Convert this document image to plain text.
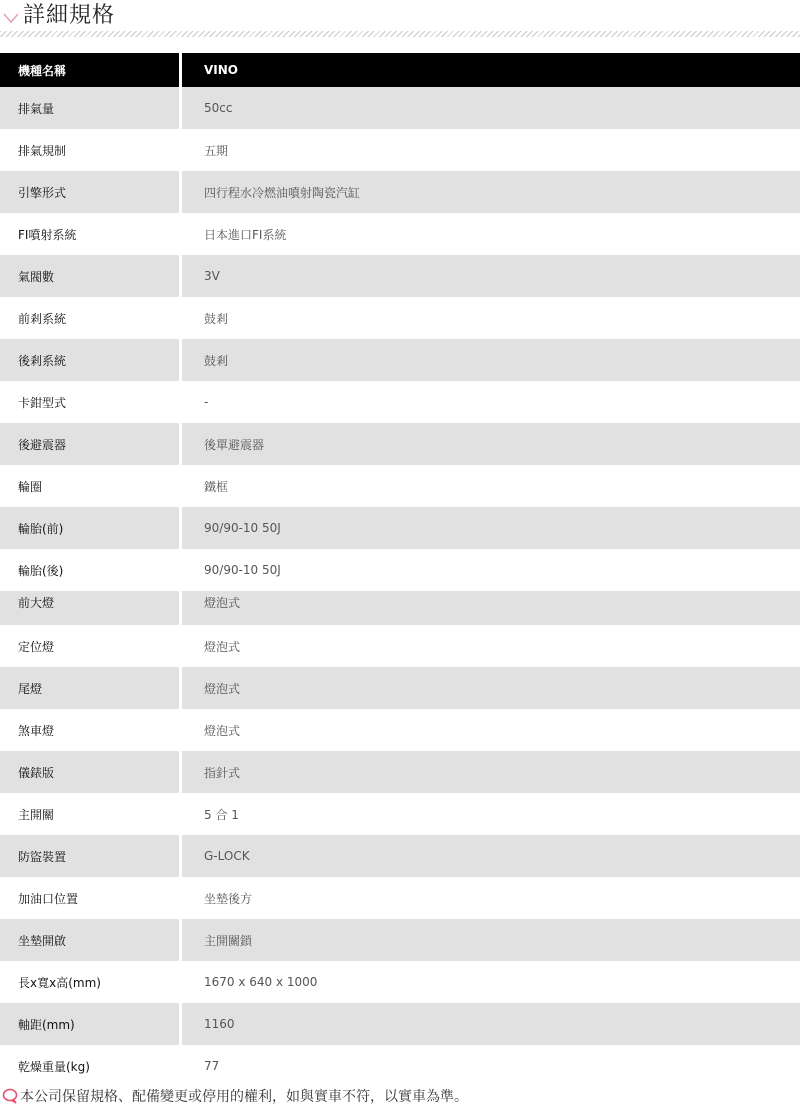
詳細規格
機種名稱	VINO
排氣量	50cc
排氣規制	五期
引擎形式	四行程水冷燃油噴射陶瓷汽缸
FI噴射系統	日本進口FI系統
氣閥數	3V
前剎系統	鼓剎
後剎系統	鼓剎
卡鉗型式	-
後避震器	後單避震器
輪圈	鐵框
輪胎(前)	90/90-10 50J
輪胎(後)	90/90-10 50J
前大燈	燈泡式
定位燈	燈泡式
尾燈	燈泡式
煞車燈	燈泡式
儀錶版	指針式
主開關	5 合 1
防盜裝置	G-LOCK
加油口位置	坐墊後方
坐墊開啟	主開關鎖
長x寬x高(mm)	1670 x 640 x 1000
軸距(mm)	1160
乾燥重量(kg)	77
本公司保留規格、配備變更或停用的權利，如與實車不符，以實車為準。
